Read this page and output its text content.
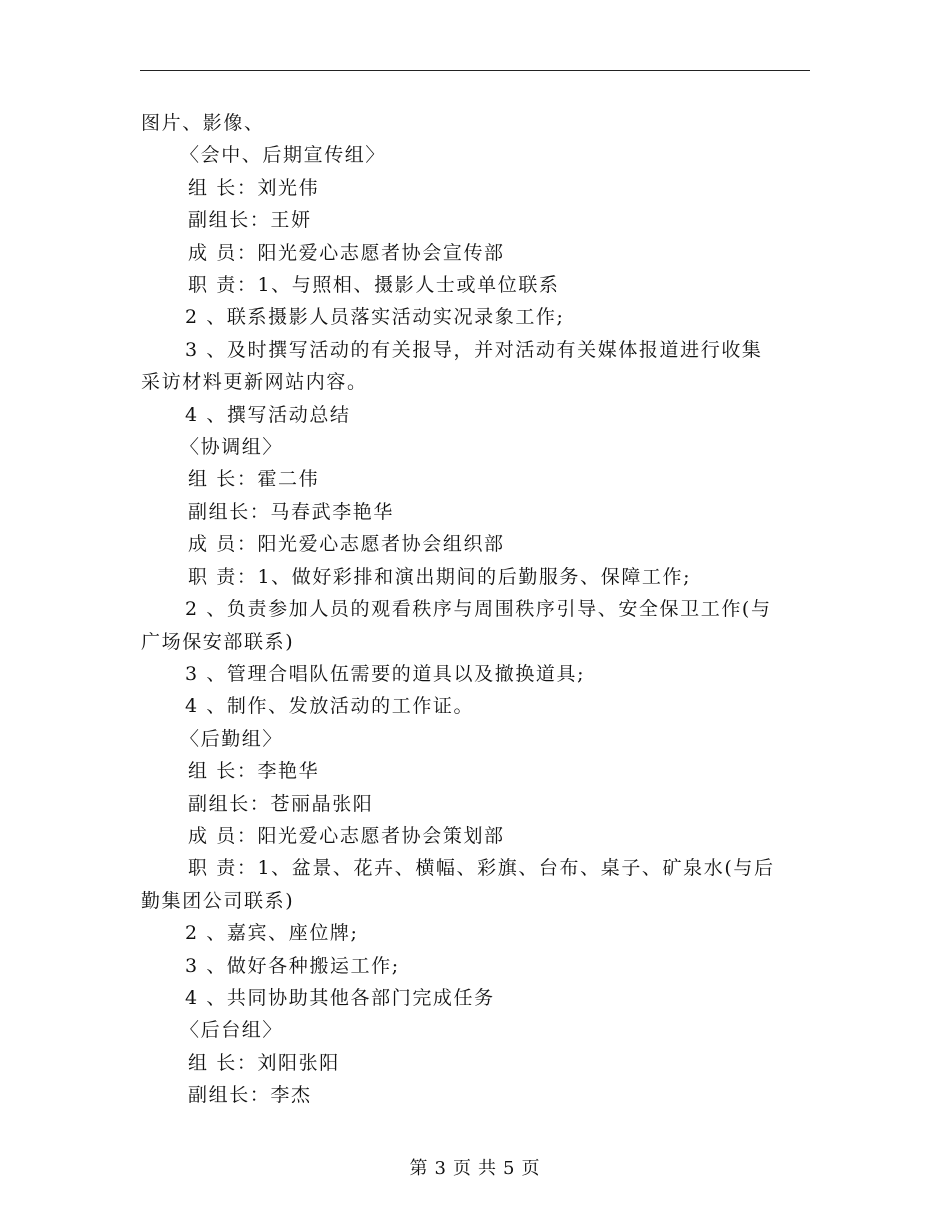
图片、影像、

〈会中、后期宣传组〉

组 长：刘光伟

副组长：王妍

成 员：阳光爱心志愿者协会宣传部

职 责：1、与照相、摄影人士或单位联系

2 、联系摄影人员落实活动实况录象工作;

3 、及时撰写活动的有关报导，并对活动有关媒体报道进行收集

采访材料更新网站内容。

4 、撰写活动总结

〈协调组〉

组 长：霍二伟

副组长：马春武李艳华

成 员：阳光爱心志愿者协会组织部

职 责：1、做好彩排和演出期间的后勤服务、保障工作;

2 、负责参加人员的观看秩序与周围秩序引导、安全保卫工作(与

广场保安部联系)

3 、管理合唱队伍需要的道具以及撤换道具;

4 、制作、发放活动的工作证。

〈后勤组〉

组 长：李艳华

副组长：苍丽晶张阳

成 员：阳光爱心志愿者协会策划部

职 责：1、盆景、花卉、横幅、彩旗、台布、桌子、矿泉水(与后

勤集团公司联系)

2 、嘉宾、座位牌;

3 、做好各种搬运工作;

4 、共同协助其他各部门完成任务

〈后台组〉

组 长：刘阳张阳

副组长：李杰

第 3 页 共 5 页
